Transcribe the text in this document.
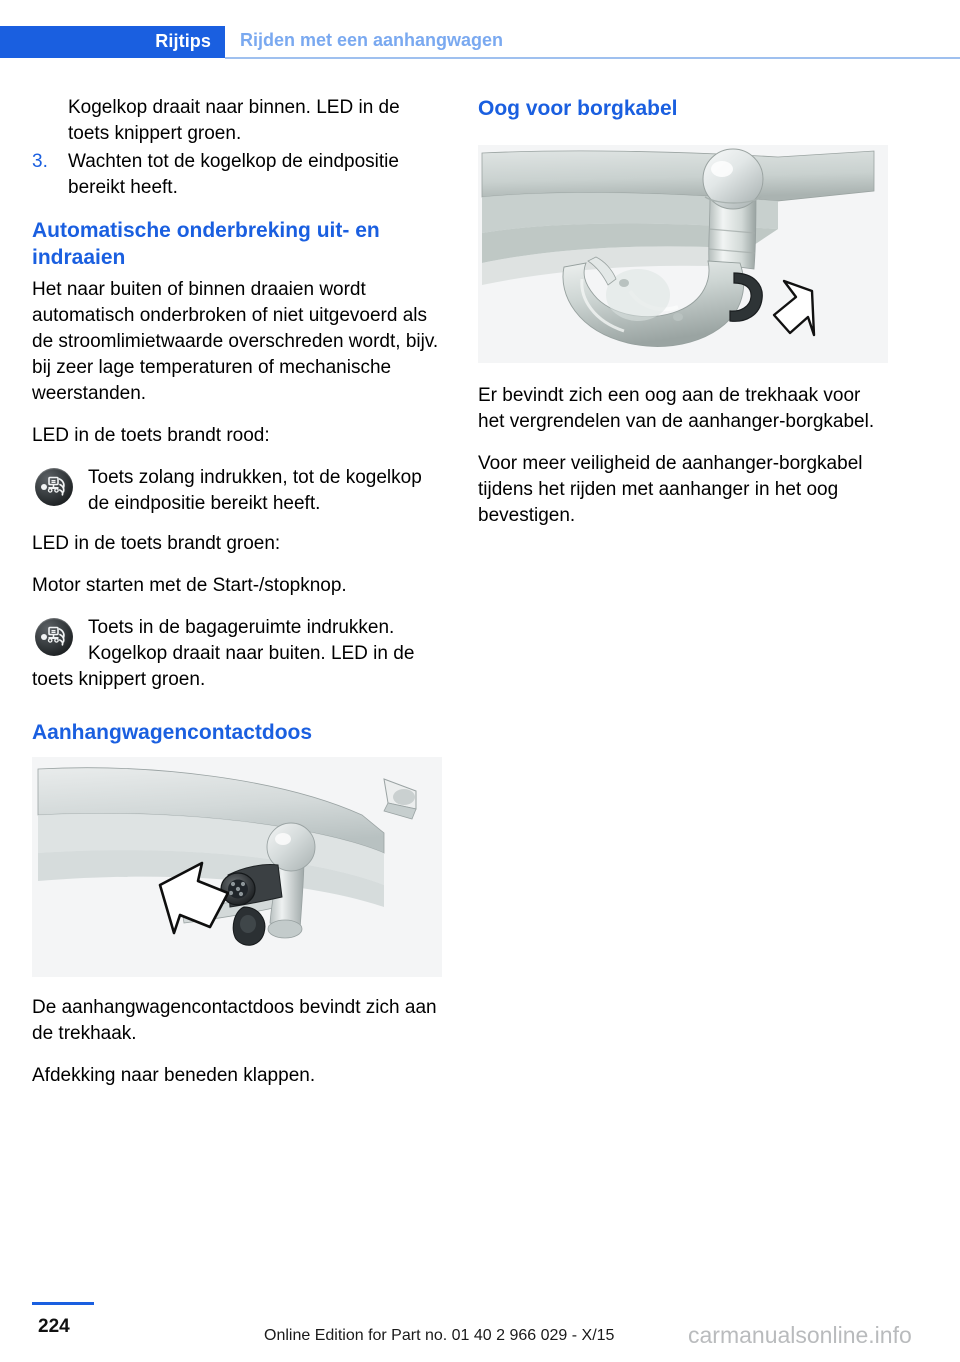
Rijtips Rijden met een aanhangwagen

Kogelkop draait naar binnen. LED in de toets knippert groen.

3. Wachten tot de kogelkop de eindpositie bereikt heeft.

Automatische onderbreking uit- en indraaien

Het naar buiten of binnen draaien wordt automatisch onderbroken of niet uitgevoerd als de stroomlimietwaarde overschreden wordt, bijv. bij zeer lage temperaturen of mechanische weerstanden.

LED in de toets brandt rood:

Toets zolang indrukken, tot de kogelkop de eindpositie bereikt heeft.

LED in de toets brandt groen:

Motor starten met de Start-/stopknop.

Toets in de bagageruimte indrukken.

Kogelkop draait naar buiten. LED in de

toets knippert groen.

Aanhangwagencontactdoos

De aanhangwagencontactdoos bevindt zich aan de trekhaak.

Afdekking naar beneden klappen.

Oog voor borgkabel

Er bevindt zich een oog aan de trekhaak voor het vergrendelen van de aanhanger-borgkabel.

Voor meer veiligheid de aanhanger-borgkabel tijdens het rijden met aanhanger in het oog bevestigen.

224	Online Edition for Part no. 01 40 2 966 029 - X/15	carmanualsonline.info
